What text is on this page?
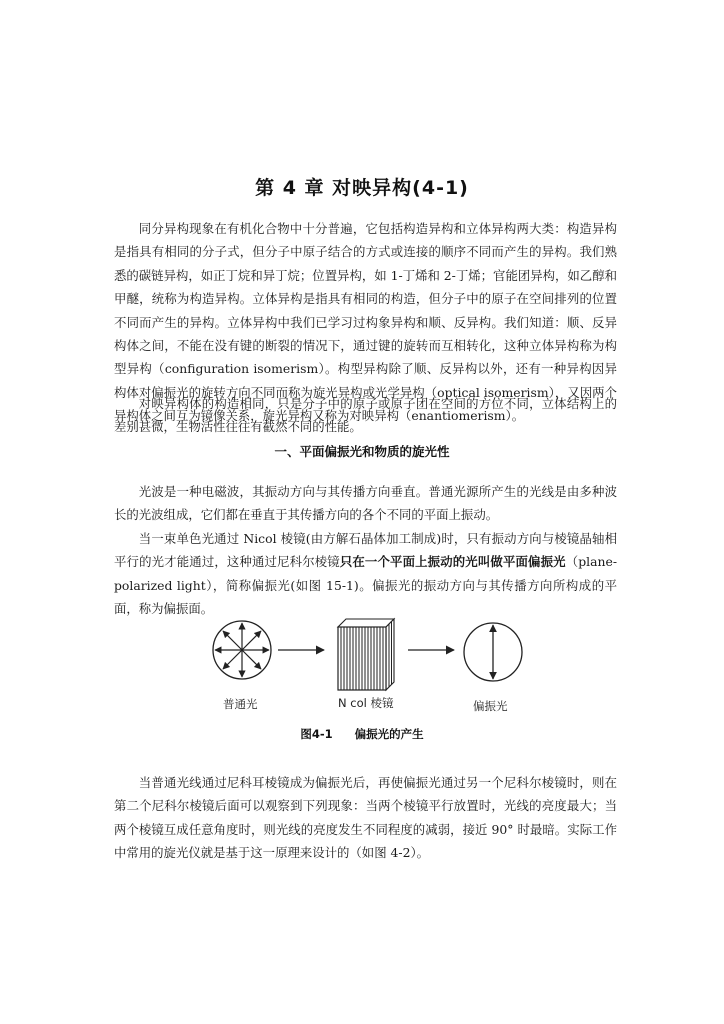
第 4 章 对映异构(4-1)

同分异构现象在有机化合物中十分普遍，它包括构造异构和立体异构两大类：构造异构是指具有相同的分子式，但分子中原子结合的方式或连接的顺序不同而产生的异构。我们熟悉的碳链异构，如正丁烷和异丁烷；位置异构，如 1-丁烯和 2-丁烯；官能团异构，如乙醇和甲醚，统称为构造异构。立体异构是指具有相同的构造，但分子中的原子在空间排列的位置不同而产生的异构。立体异构中我们已学习过构象异构和顺、反异构。我们知道：顺、反异构体之间，不能在没有键的断裂的情况下，通过键的旋转而互相转化，这种立体异构称为构型异构（configuration isomerism）。构型异构除了顺、反异构以外，还有一种异构因异构体对偏振光的旋转方向不同而称为旋光异构或光学异构（optical isomerism），又因两个异构体之间互为镜像关系，旋光异构又称为对映异构（enantiomerism）。

对映异构体的构造相同，只是分子中的原子或原子团在空间的方位不同，立体结构上的差别甚微，生物活性往往有截然不同的性能。

一、平面偏振光和物质的旋光性

光波是一种电磁波，其振动方向与其传播方向垂直。普通光源所产生的光线是由多种波长的光波组成，它们都在垂直于其传播方向的各个不同的平面上振动。

当一束单色光通过 Nicol 棱镜(由方解石晶体加工制成)时，只有振动方向与棱镜晶轴相平行的光才能通过，这种通过尼科尔棱镜只在一个平面上振动的光叫做平面偏振光（plane-polarized light），简称偏振光(如图 15-1)。偏振光的振动方向与其传播方向所构成的平面，称为偏振面。

普通光	N col 棱镜	偏振光
图4-1 偏振光的产生

当普通光线通过尼科耳棱镜成为偏振光后，再使偏振光通过另一个尼科尔棱镜时，则在第二个尼科尔棱镜后面可以观察到下列现象：当两个棱镜平行放置时，光线的亮度最大；当两个棱镜互成任意角度时，则光线的亮度发生不同程度的减弱，接近 90° 时最暗。实际工作中常用的旋光仪就是基于这一原理来设计的（如图 4-2）。
